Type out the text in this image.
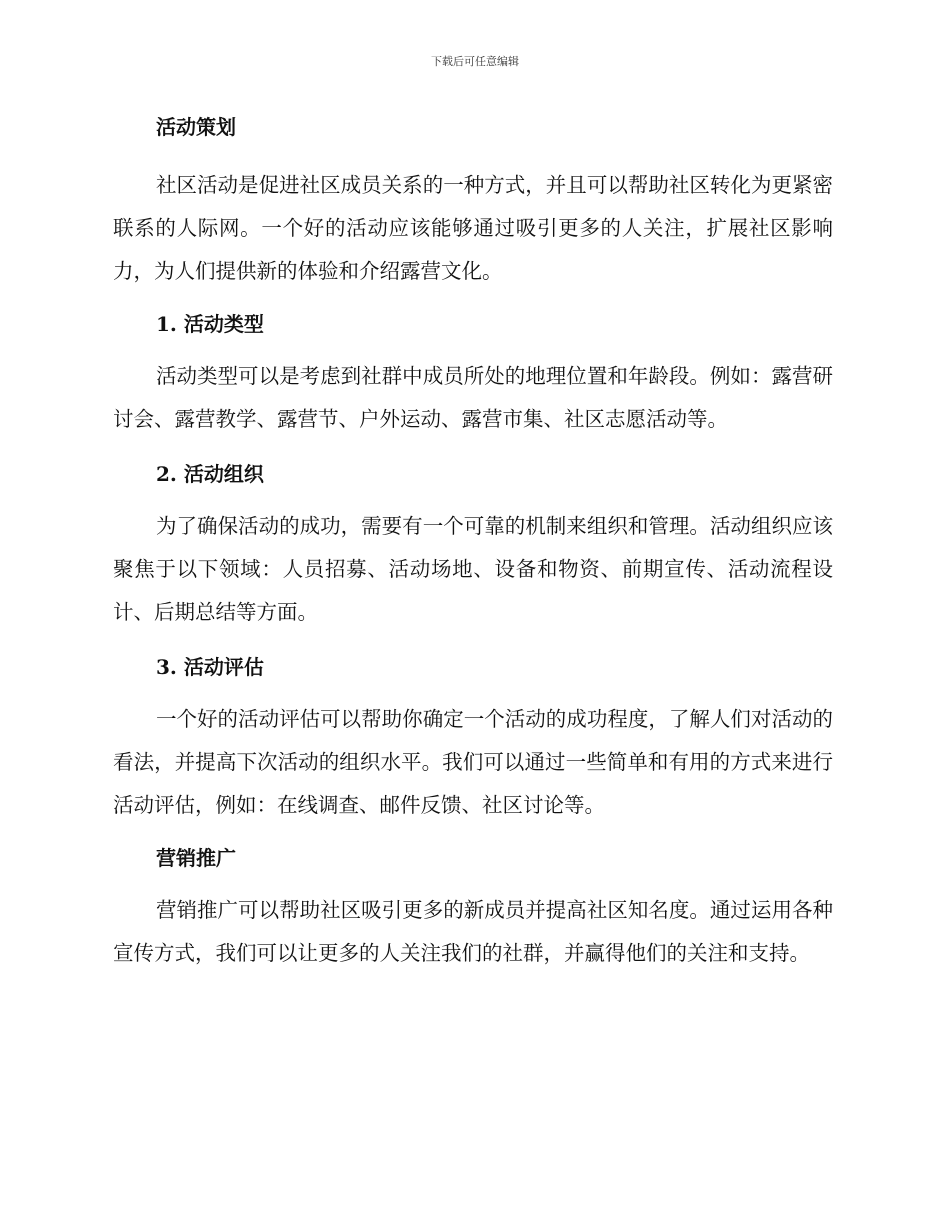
下载后可任意编辑
活动策划

社区活动是促进社区成员关系的一种方式，并且可以帮助社区转化为更紧密联系的人际网。一个好的活动应该能够通过吸引更多的人关注，扩展社区影响力，为人们提供新的体验和介绍露营文化。

1. 活动类型

活动类型可以是考虑到社群中成员所处的地理位置和年龄段。例如：露营研讨会、露营教学、露营节、户外运动、露营市集、社区志愿活动等。

2. 活动组织

为了确保活动的成功，需要有一个可靠的机制来组织和管理。活动组织应该聚焦于以下领域：人员招募、活动场地、设备和物资、前期宣传、活动流程设计、后期总结等方面。

3. 活动评估

一个好的活动评估可以帮助你确定一个活动的成功程度，了解人们对活动的看法，并提高下次活动的组织水平。我们可以通过一些简单和有用的方式来进行活动评估，例如：在线调查、邮件反馈、社区讨论等。

营销推广

营销推广可以帮助社区吸引更多的新成员并提高社区知名度。通过运用各种宣传方式，我们可以让更多的人关注我们的社群，并赢得他们的关注和支持。
